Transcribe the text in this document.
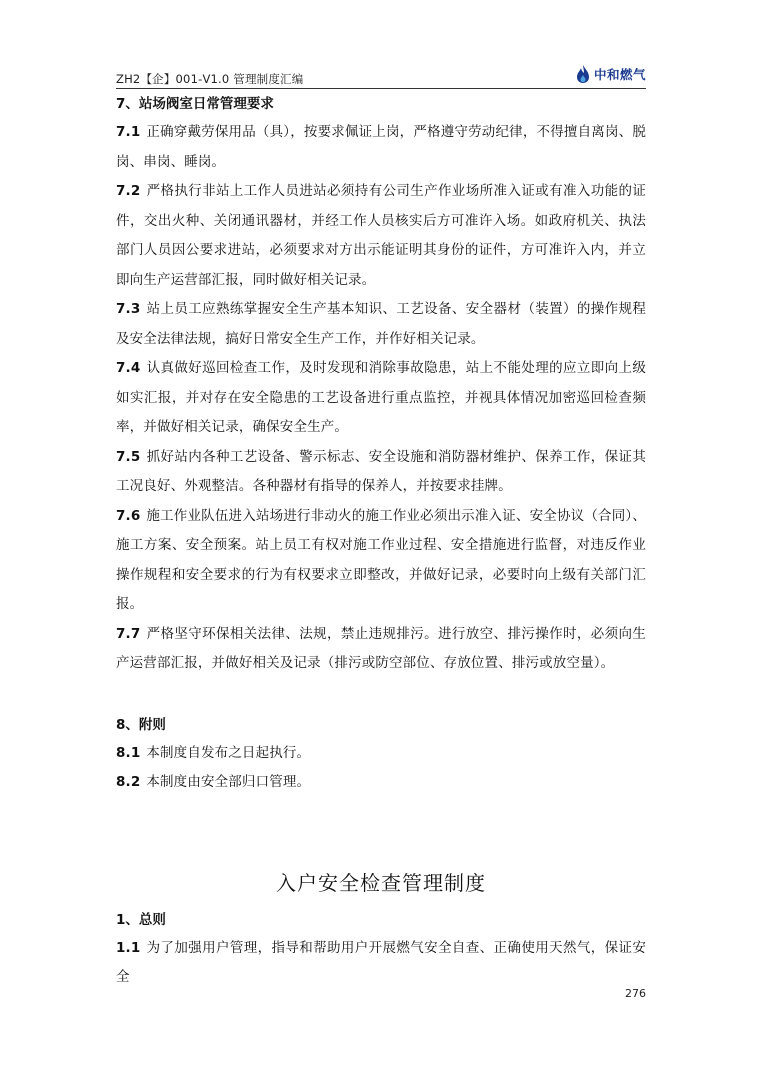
ZH2【企】001-V1.0 管理制度汇编	中和燃气

7、站场阀室日常管理要求

7.1 正确穿戴劳保用品（具），按要求佩证上岗，严格遵守劳动纪律，不得擅自离岗、脱岗、串岗、睡岗。

7.2 严格执行非站上工作人员进站必须持有公司生产作业场所准入证或有准入功能的证件，交出火种、关闭通讯器材，并经工作人员核实后方可准许入场。如政府机关、执法部门人员因公要求进站，必须要求对方出示能证明其身份的证件，方可准许入内，并立即向生产运营部汇报，同时做好相关记录。

7.3 站上员工应熟练掌握安全生产基本知识、工艺设备、安全器材（装置）的操作规程及安全法律法规，搞好日常安全生产工作，并作好相关记录。

7.4 认真做好巡回检查工作，及时发现和消除事故隐患，站上不能处理的应立即向上级如实汇报，并对存在安全隐患的工艺设备进行重点监控，并视具体情况加密巡回检查频率，并做好相关记录，确保安全生产。

7.5 抓好站内各种工艺设备、警示标志、安全设施和消防器材维护、保养工作，保证其工况良好、外观整洁。各种器材有指导的保养人，并按要求挂牌。

7.6 施工作业队伍进入站场进行非动火的施工作业必须出示准入证、安全协议（合同）、施工方案、安全预案。站上员工有权对施工作业过程、安全措施进行监督，对违反作业操作规程和安全要求的行为有权要求立即整改，并做好记录，必要时向上级有关部门汇报。

7.7 严格坚守环保相关法律、法规，禁止违规排污。进行放空、排污操作时，必须向生产运营部汇报，并做好相关及记录（排污或防空部位、存放位置、排污或放空量）。

8、附则

8.1 本制度自发布之日起执行。

8.2 本制度由安全部归口管理。

入户安全检查管理制度

1、总则

1.1 为了加强用户管理，指导和帮助用户开展燃气安全自查、正确使用天然气，保证安全

276
